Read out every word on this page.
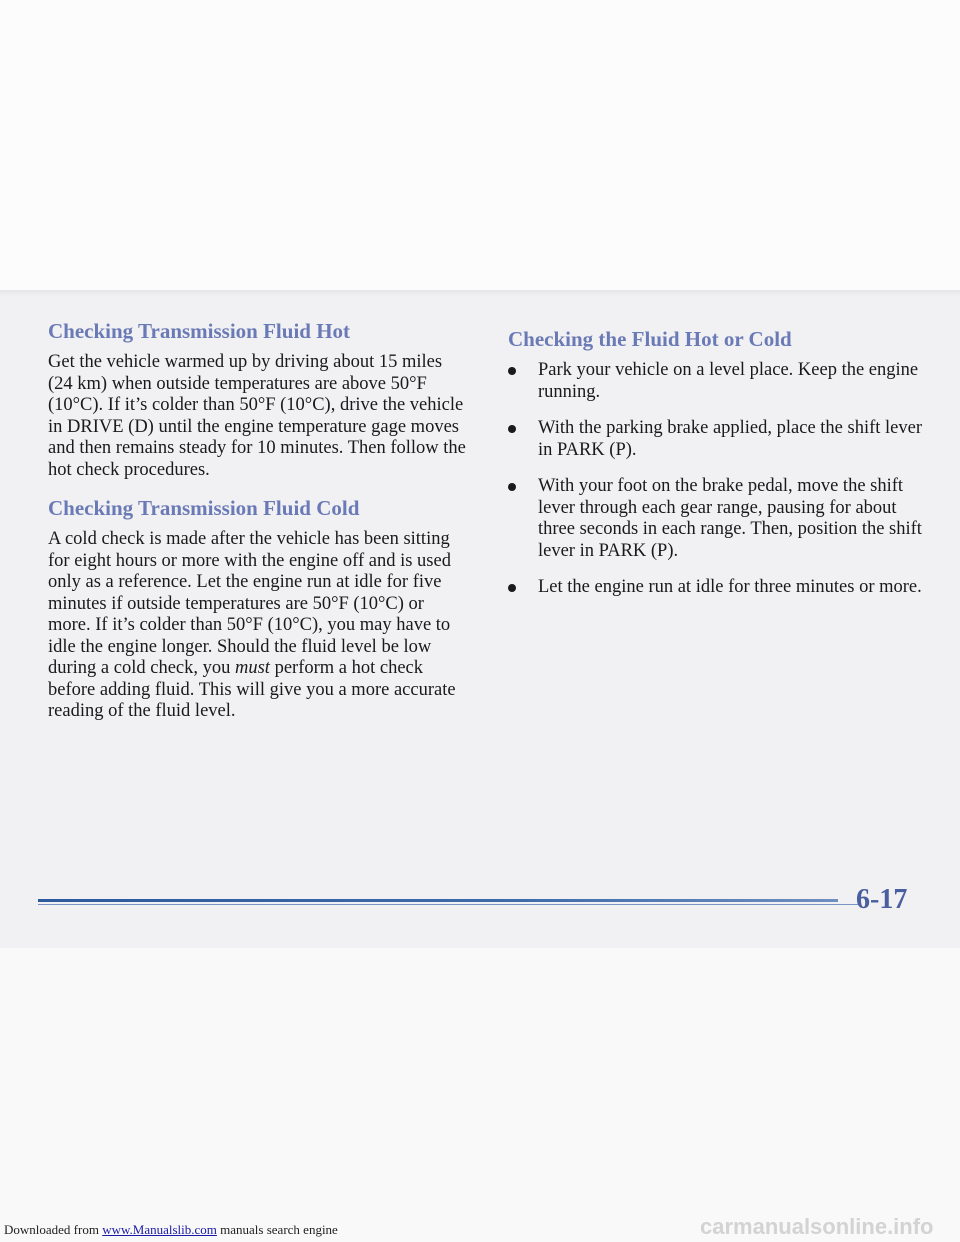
Checking Transmission Fluid Hot

Get the vehicle warmed up by driving about 15 miles (24 km) when outside temperatures are above 50°F (10°C). If it’s colder than 50°F (10°C), drive the vehicle in DRIVE (D) until the engine temperature gage moves and then remains steady for 10 minutes. Then follow the hot check procedures.

Checking Transmission Fluid Cold

A cold check is made after the vehicle has been sitting for eight hours or more with the engine off and is used only as a reference. Let the engine run at idle for five minutes if outside temperatures are 50°F (10°C) or more. If it’s colder than 50°F (10°C), you may have to idle the engine longer. Should the fluid level be low during a cold check, you must perform a hot check before adding fluid. This will give you a more accurate reading of the fluid level.

Checking the Fluid Hot or Cold
Park your vehicle on a level place. Keep the engine running.
With the parking brake applied, place the shift lever in PARK (P).
With your foot on the brake pedal, move the shift lever through each gear range, pausing for about three seconds in each range. Then, position the shift lever in PARK (P).
Let the engine run at idle for three minutes or more.
6-17
Downloaded from www.Manualslib.com manuals search engine	carmanualsonline.info
